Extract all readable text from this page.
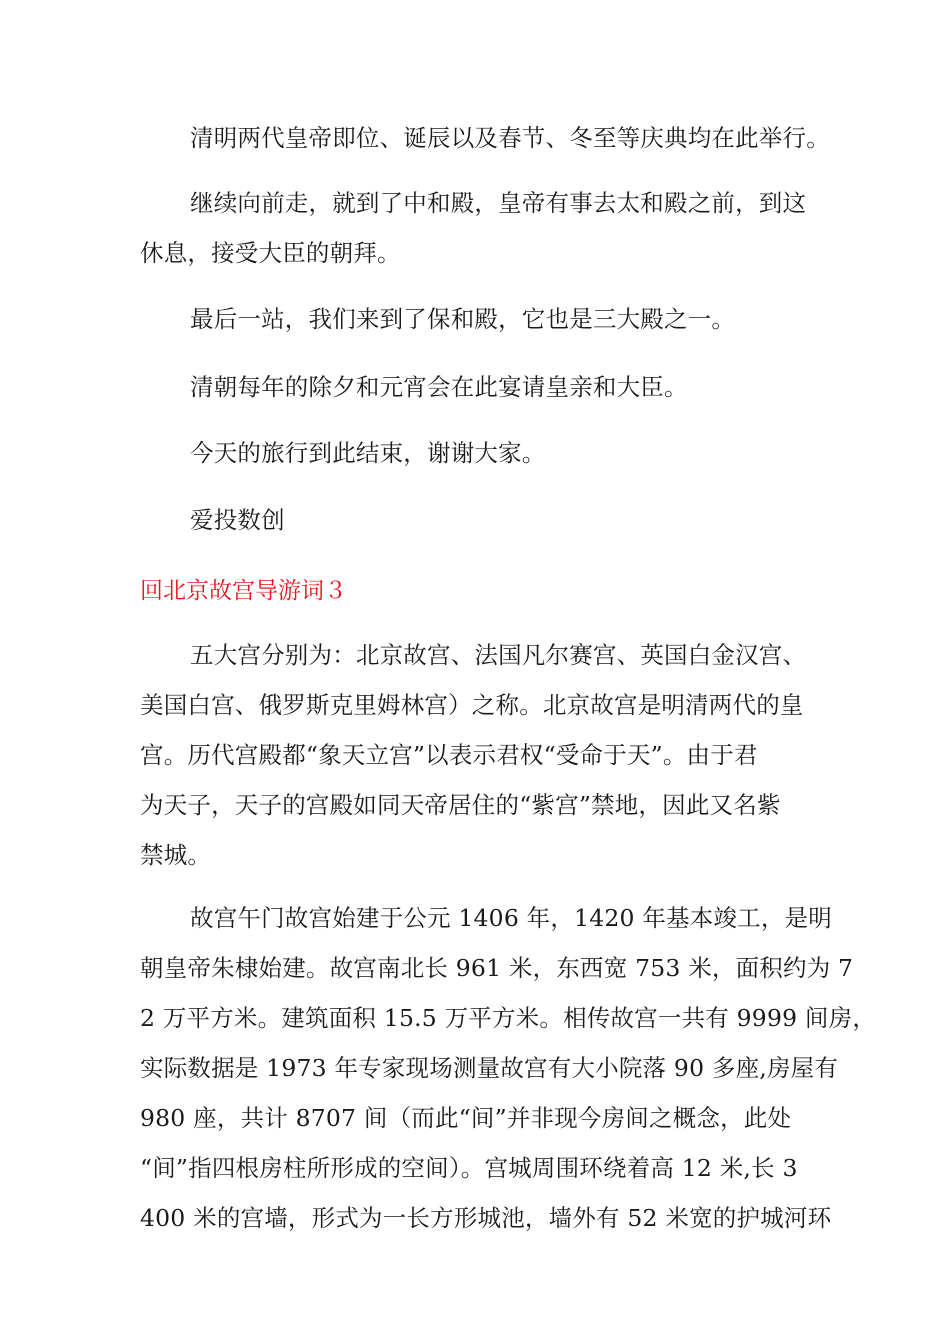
清明两代皇帝即位、诞辰以及春节、冬至等庆典均在此举行。
继续向前走，就到了中和殿，皇帝有事去太和殿之前，到这
休息，接受大臣的朝拜。
最后一站，我们来到了保和殿，它也是三大殿之一。
清朝每年的除夕和元宵会在此宴请皇亲和大臣。
今天的旅行到此结束，谢谢大家。
爱投数创
回北京故宫导游词３
五大宫分别为：北京故宫、法国凡尔赛宫、英国白金汉宫、
美国白宫、俄罗斯克里姆林宫）之称。北京故宫是明清两代的皇
宫。历代宫殿都“象天立宫”以表示君权“受命于天”。由于君
为天子，天子的宫殿如同天帝居住的“紫宫”禁地，因此又名紫
禁城。
故宫午门故宫始建于公元 1406 年，1420 年基本竣工，是明
朝皇帝朱棣始建。故宫南北长 961 米，东西宽 753 米，面积约为 7
2 万平方米。建筑面积 15.5 万平方米。相传故宫一共有 9999 间房，
实际数据是 1973 年专家现场测量故宫有大小院落 90 多座,房屋有
980 座，共计 8707 间（而此“间”并非现今房间之概念，此处
“间”指四根房柱所形成的空间）。宫城周围环绕着高 12 米,长 3
400 米的宫墙，形式为一长方形城池，墙外有 52 米宽的护城河环
